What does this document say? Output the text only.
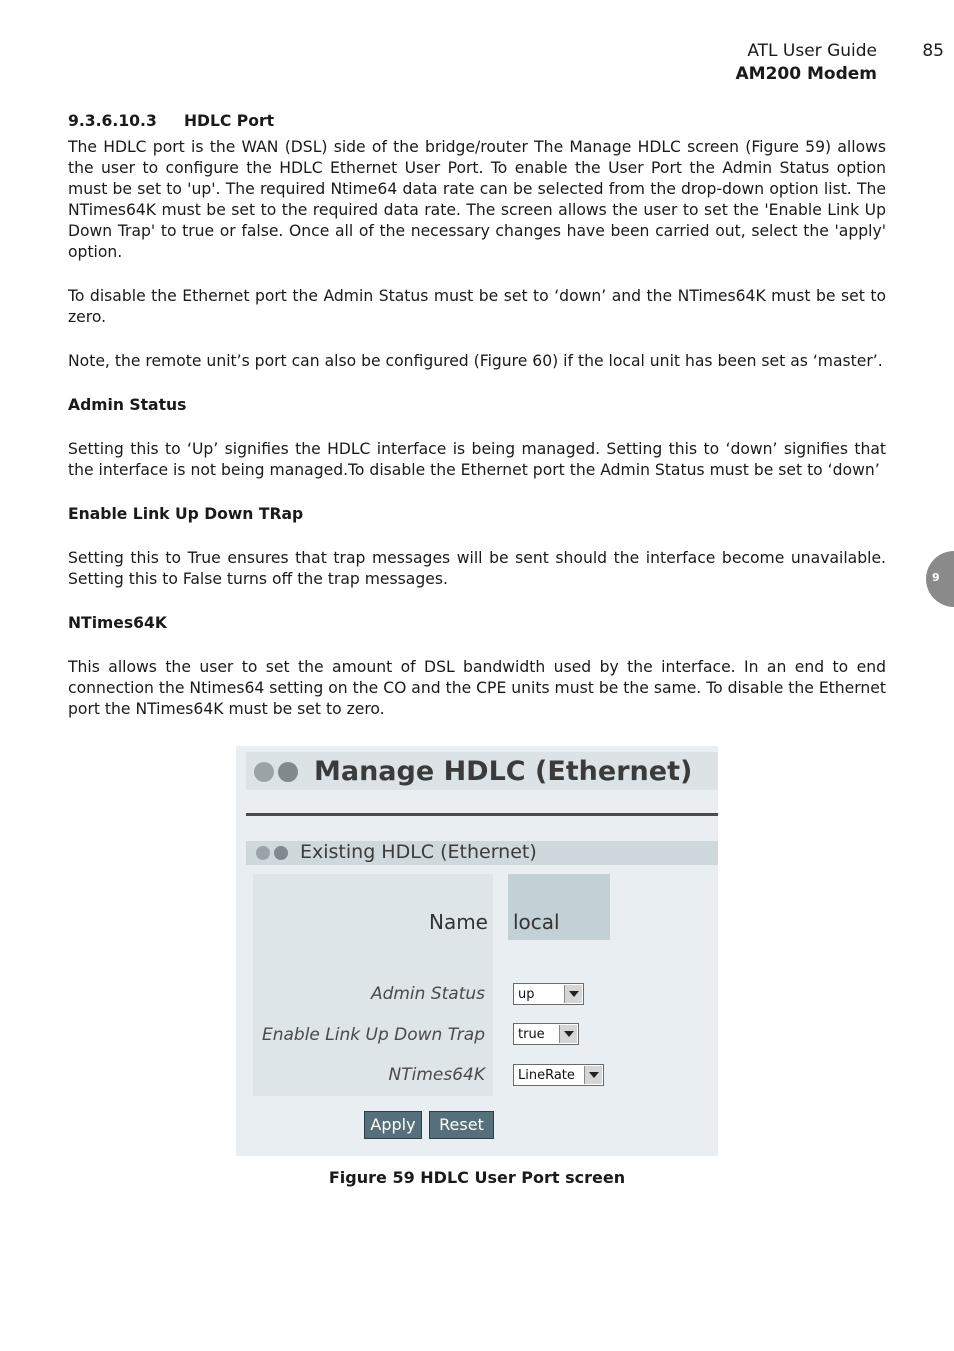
ATL User Guide
AM200 Modem
85
9
9.3.6.10.3 HDLC Port

The HDLC port is the WAN (DSL) side of the bridge/router The Manage HDLC screen (Figure 59) allows the user to configure the HDLC Ethernet User Port. To enable the User Port the Admin Status option must be set to 'up'. The required Ntime64 data rate can be selected from the drop-down option list. The NTimes64K must be set to the required data rate. The screen allows the user to set the 'Enable Link Up Down Trap' to true or false. Once all of the necessary changes have been carried out, select the 'apply' option.

To disable the Ethernet port the Admin Status must be set to ‘down’ and the NTimes64K must be set to zero.

Note, the remote unit’s port can also be configured (Figure 60) if the local unit has been set as ‘master’.

Admin Status

Setting this to ‘Up’ signifies the HDLC interface is being managed. Setting this to ‘down’ signifies that the interface is not being managed.To disable the Ethernet port the Admin Status must be set to ‘down’

Enable Link Up Down TRap

Setting this to True ensures that trap messages will be sent should the interface become unavailable. Setting this to False turns off the trap messages.

NTimes64K

This allows the user to set the amount of DSL bandwidth used by the interface. In an end to end connection the Ntimes64 setting on the CO and the CPE units must be the same. To disable the Ethernet port the NTimes64K must be set to zero.

Manage HDLC (Ethernet)
Existing HDLC (Ethernet)
Name local
Admin Status	up
Enable Link Up Down Trap	true
NTimes64K	LineRate
Apply	Reset
Figure 59 HDLC User Port screen
